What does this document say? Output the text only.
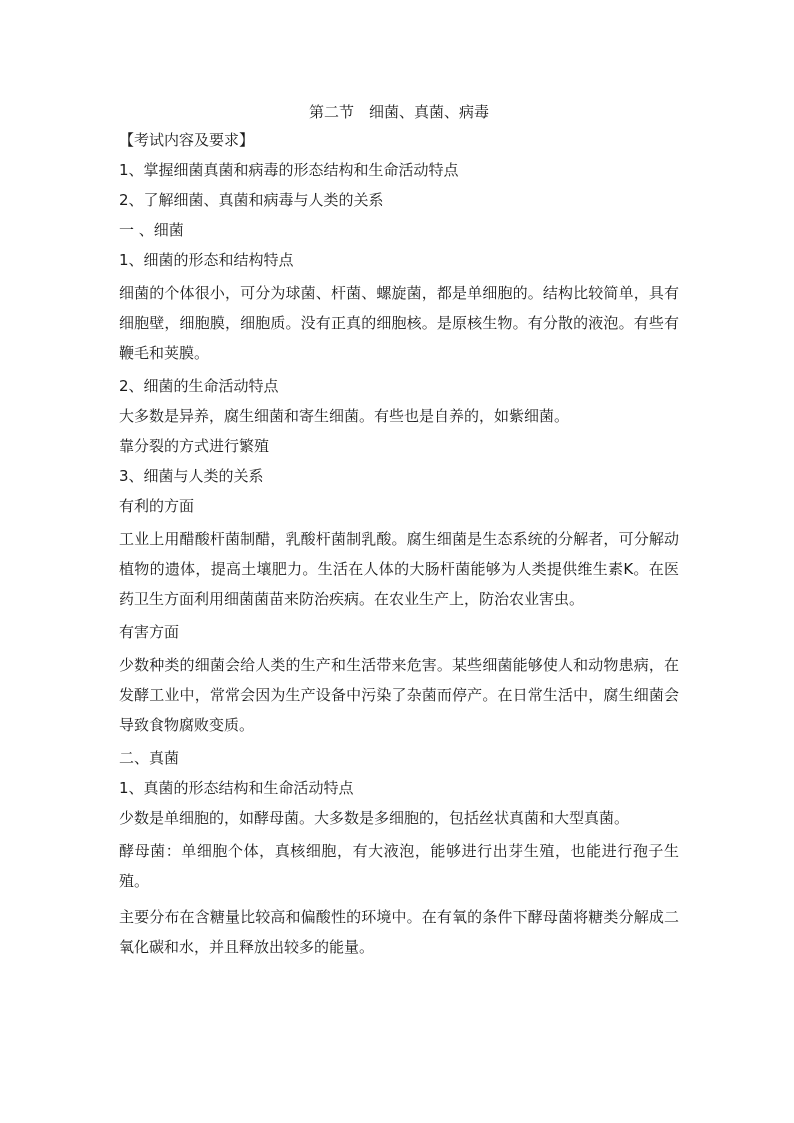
第二节　细菌、真菌、病毒
【考试内容及要求】
1、掌握细菌真菌和病毒的形态结构和生命活动特点
2、了解细菌、真菌和病毒与人类的关系
一 、细菌
1、细菌的形态和结构特点
细菌的个体很小，可分为球菌、杆菌、螺旋菌，都是单细胞的。结构比较简单，具有细胞壁，细胞膜，细胞质。没有正真的细胞核。是原核生物。有分散的液泡。有些有鞭毛和荚膜。
2、细菌的生命活动特点
大多数是异养，腐生细菌和寄生细菌。有些也是自养的，如紫细菌。
靠分裂的方式进行繁殖
3、细菌与人类的关系
有利的方面
工业上用醋酸杆菌制醋，乳酸杆菌制乳酸。腐生细菌是生态系统的分解者，可分解动植物的遗体，提高土壤肥力。生活在人体的大肠杆菌能够为人类提供维生素K。在医药卫生方面利用细菌菌苗来防治疾病。在农业生产上，防治农业害虫。
有害方面
少数种类的细菌会给人类的生产和生活带来危害。某些细菌能够使人和动物患病，在发酵工业中，常常会因为生产设备中污染了杂菌而停产。在日常生活中，腐生细菌会导致食物腐败变质。
二、真菌
1、真菌的形态结构和生命活动特点
少数是单细胞的，如酵母菌。大多数是多细胞的，包括丝状真菌和大型真菌。
酵母菌：单细胞个体，真核细胞，有大液泡，能够进行出芽生殖，也能进行孢子生殖。
主要分布在含糖量比较高和偏酸性的环境中。在有氧的条件下酵母菌将糖类分解成二氧化碳和水，并且释放出较多的能量。
